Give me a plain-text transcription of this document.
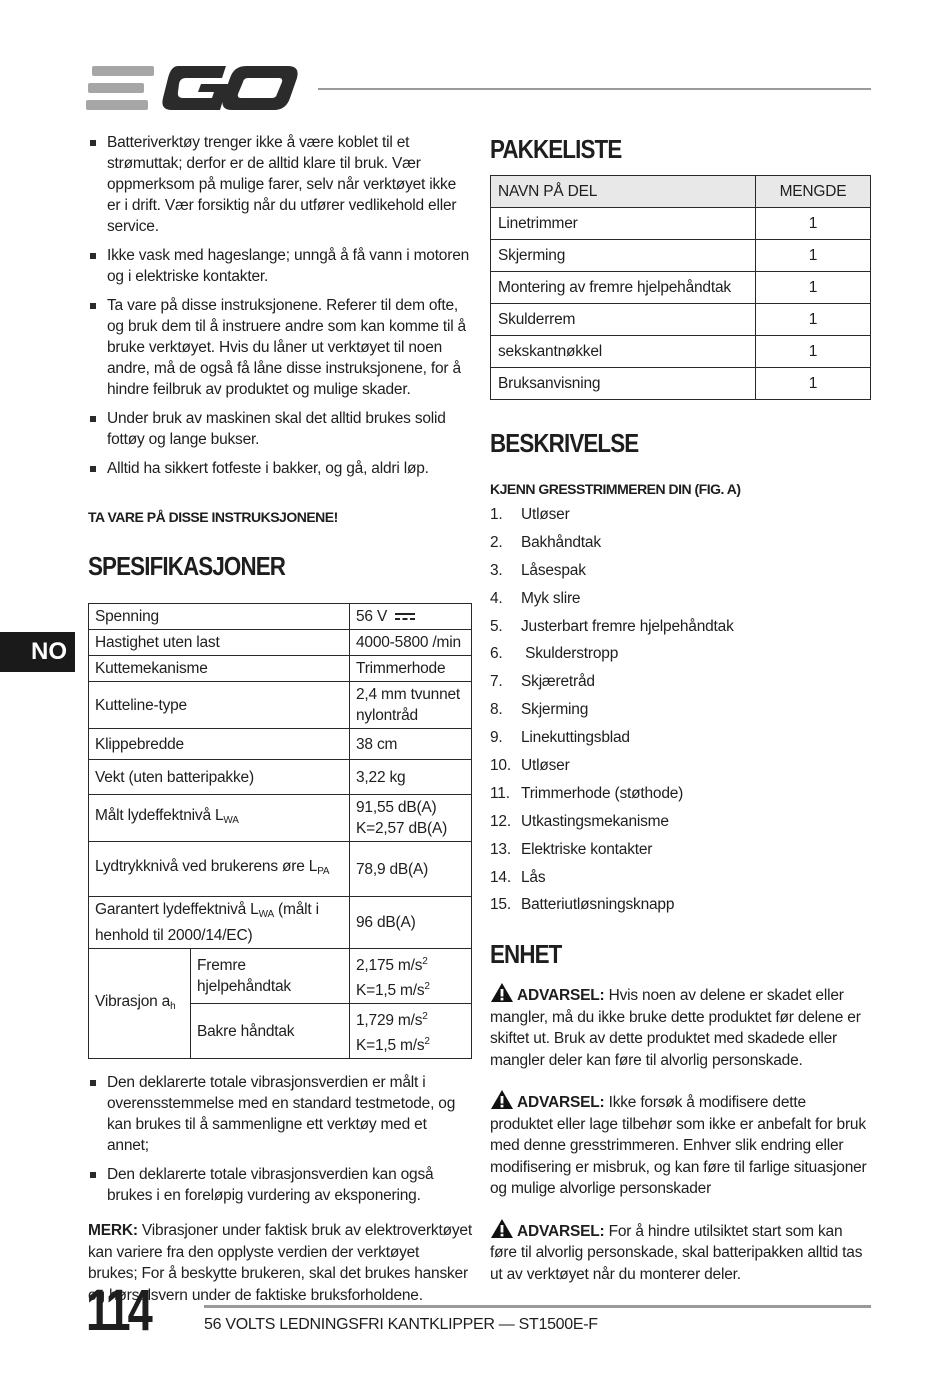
NO
Batteriverktøy trenger ikke å være koblet til et strømuttak; derfor er de alltid klare til bruk. Vær oppmerksom på mulige farer, selv når verktøyet ikke er i drift. Vær forsiktig når du utfører vedlikehold eller service.
Ikke vask med hageslange; unngå å få vann i motoren og i elektriske kontakter.
Ta vare på disse instruksjonene. Referer til dem ofte, og bruk dem til å instruere andre som kan komme til å bruke verktøyet. Hvis du låner ut verktøyet til noen andre, må de også få låne disse instruksjonene, for å hindre feilbruk av produktet og mulige skader.
Under bruk av maskinen skal det alltid brukes solid fottøy og lange bukser.
Alltid ha sikkert fotfeste i bakker, og gå, aldri løp.

TA VARE PÅ DISSE INSTRUKSJONENE!

SPESIFIKASJONER
Spenning		56 V
Hastighet uten last		4000-5800 /min
Kuttemekanisme		Trimmerhode
Kutteline-type		2,4 mm tvunnet nylontråd
Klippebredde		38 cm
Vekt (uten batteripakke)		3,22 kg
Målt lydeffektnivå $L_{WA}$		91,55 dB(A)
K=2,57 dB(A)
Lydtrykknivå ved brukerens øre $L_{PA}$		78,9 dB(A)
Garantert lydeffektnivå $L_{WA}$ (målt i henhold til 2000/14/EC)		96 dB(A)
Vibrasjon $a_h$	Fremre hjelpehåndtak	2,175 $m/s^2$
K=1,5 $m/s^2$
	Bakre håndtak	1,729 $m/s^2$
K=1,5 $m/s^2$
Den deklarerte totale vibrasjonsverdien er målt i overensstemmelse med en standard testmetode, og kan brukes til å sammenligne ett verktøy med et annet;
Den deklarerte totale vibrasjonsverdien kan også brukes i en foreløpig vurdering av eksponering.

MERK: Vibrasjoner under faktisk bruk av elektroverktøyet kan variere fra den opplyste verdien der verktøyet brukes; For å beskytte brukeren, skal det brukes hansker og hørselsvern under de faktiske bruksforholdene.

PAKKELISTE
NAVN PÅ DEL	MENGDE
Linetrimmer	1
Skjerming	1
Montering av fremre hjelpehåndtak	1
Skulderrem	1
sekskantnøkkel	1
Bruksanvisning	1
BESKRIVELSE

KJENN GRESSTRIMMEREN DIN (FIG. A)

1. Utløser
2. Bakhåndtak
3. Låsespak
4. Myk slire
5. Justerbart fremre hjelpehåndtak
6. Skulderstropp
7. Skjæretråd
8. Skjerming
9. Linekuttingsblad
10. Utløser
11. Trimmerhode (støthode)
12. Utkastingsmekanisme
13. Elektriske kontakter
14. Lås
15. Batteriutløsningsknapp
ENHET

ADVARSEL: Hvis noen av delene er skadet eller mangler, må du ikke bruke dette produktet før delene er skiftet ut. Bruk av dette produktet med skadede eller mangler deler kan føre til alvorlig personskade.

ADVARSEL: Ikke forsøk å modifisere dette produktet eller lage tilbehør som ikke er anbefalt for bruk med denne gresstrimmeren. Enhver slik endring eller modifisering er misbruk, og kan føre til farlige situasjoner og mulige alvorlige personskader

ADVARSEL: For å hindre utilsiktet start som kan føre til alvorlig personskade, skal batteripakken alltid tas ut av verktøyet når du monterer deler.

114	56 VOLTS LEDNINGSFRI KANTKLIPPER — ST1500E-F
